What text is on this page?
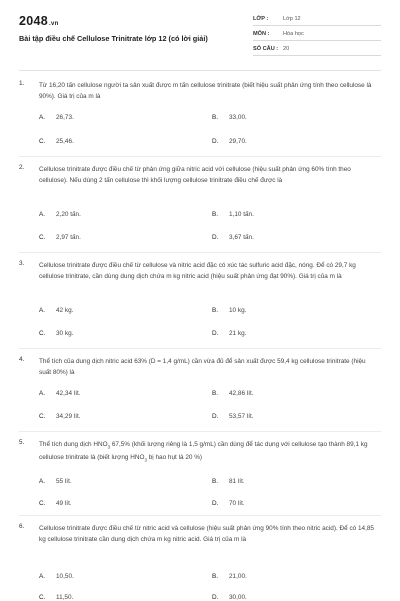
2048.vn
Bài tập điều chế Cellulose Trinitrate lớp 12 (có lời giải)
LỚP :	Lớp 12
MÔN : Hóa học
SỐ CÂU : 20
1. Từ 16,20 tấn cellulose người ta sản xuất được m tấn cellulose trinitrate (biết hiệu suất phản ứng tính theo cellulose là 90%). Giá trị của m là
A. 26,73.	B. 33,00.
C. 25,46.	D. 29,70.
2. Cellulose trinitrate được điều chế từ phản ứng giữa nitric acid với cellulose (hiệu suất phản ứng 60% tính theo cellulose). Nếu dùng 2 tấn cellulose thì khối lượng cellulose trinitrate điều chế được là
A. 2,20 tấn.	B. 1,10 tấn.
C. 2,97 tấn.	D. 3,67 tấn.
3. Cellulose trinitrate được điều chế từ cellulose và nitric acid đặc có xúc tác sulfuric acid đặc, nóng. Để có 29,7 kg cellulose trinitrate, cần dùng dung dịch chứa m kg nitric acid (hiệu suất phản ứng đạt 90%). Giá trị của m là
A. 42 kg.	B. 10 kg.
C. 30 kg.	D. 21 kg.
4. Thể tích của dung dịch nitric acid 63% (D = 1,4 g/mL) cần vừa đủ để sản xuất được 59,4 kg cellulose trinitrate (hiệu suất 80%) là
A. 42,34 lít.	B. 42,86 lít.
C. 34,29 lít.	D. 53,57 lít.
5. Thể tích dung dịch $HNO_3$ 67,5% (khối lượng riêng là 1,5 g/mL) cần dùng để tác dụng với cellulose tạo thành 89,1 kg cellulose trinitrate là (biết lượng $HNO_3$ bị hao hụt là 20 %)
A. 55 lít.	B. 81 lít.
C. 49 lít.	D. 70 lít.
6. Cellulose trinitrate được điều chế từ nitric acid và cellulose (hiệu suất phản ứng 90% tính theo nitric acid). Để có 14,85 kg cellulose trinitrate cần dung dịch chứa m kg nitric acid. Giá trị của m là
A. 10,50.	B. 21,00.
C. 11,50.	D. 30,00.
